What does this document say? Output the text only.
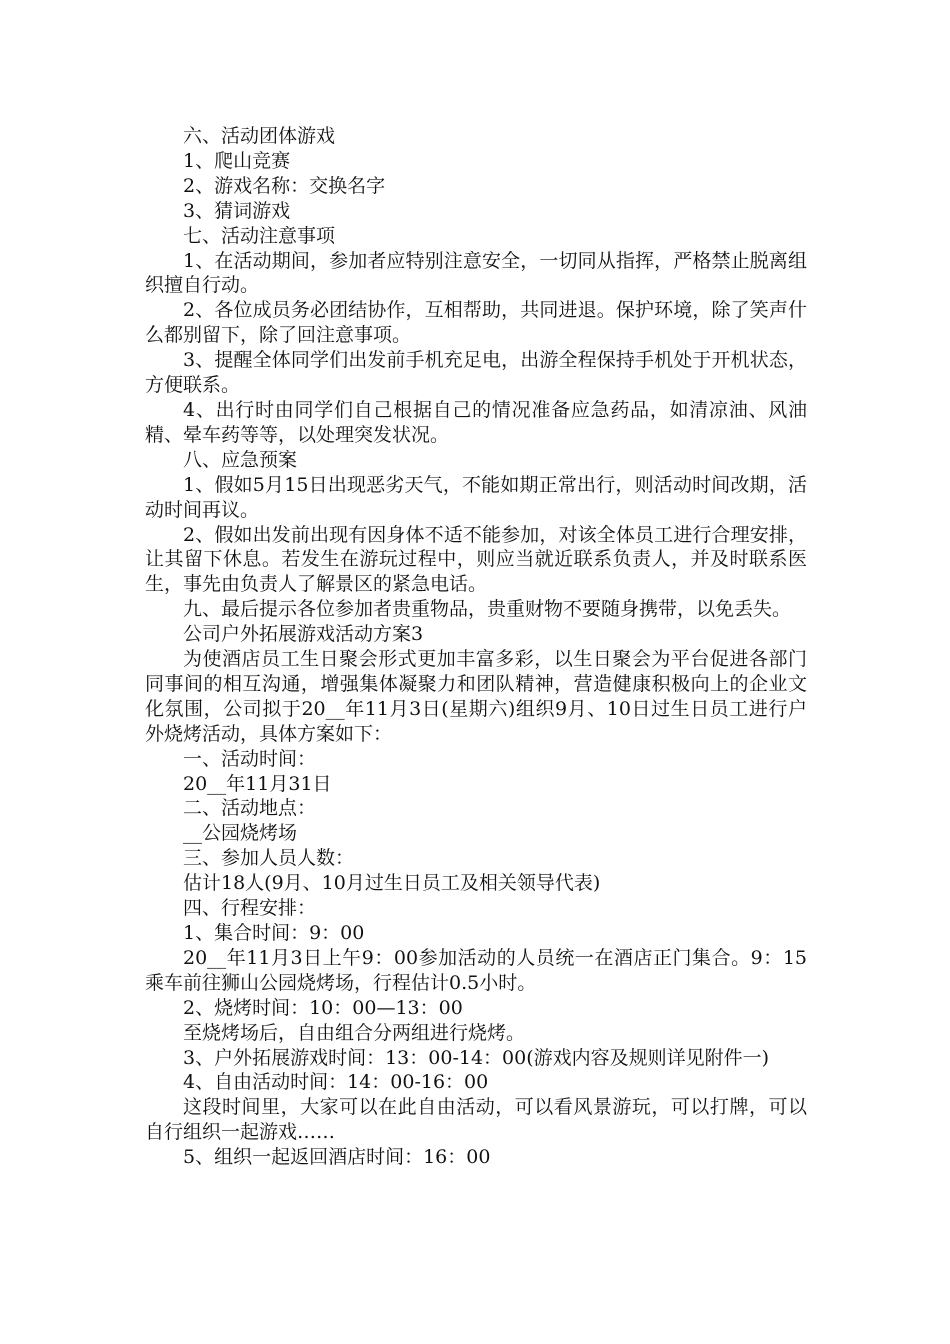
六、活动团体游戏

1、爬山竞赛

2、游戏名称：交换名字

3、猜词游戏

七、活动注意事项

1、在活动期间，参加者应特别注意安全，一切同从指挥，严格禁止脱离组织擅自行动。

2、各位成员务必团结协作，互相帮助，共同进退。保护环境，除了笑声什么都别留下，除了回注意事项。

3、提醒全体同学们出发前手机充足电，出游全程保持手机处于开机状态，方便联系。

4、出行时由同学们自己根据自己的情况准备应急药品，如清凉油、风油精、晕车药等等，以处理突发状况。

八、应急预案

1、假如5月15日出现恶劣天气，不能如期正常出行，则活动时间改期，活动时间再议。

2、假如出发前出现有因身体不适不能参加，对该全体员工进行合理安排，让其留下休息。若发生在游玩过程中，则应当就近联系负责人，并及时联系医生，事先由负责人了解景区的紧急电话。

九、最后提示各位参加者贵重物品，贵重财物不要随身携带，以免丢失。

公司户外拓展游戏活动方案3

为使酒店员工生日聚会形式更加丰富多彩，以生日聚会为平台促进各部门同事间的相互沟通，增强集体凝聚力和团队精神，营造健康积极向上的企业文化氛围，公司拟于20__年11月3日(星期六)组织9月、10日过生日员工进行户外烧烤活动，具体方案如下：

一、活动时间：

20__年11月31日

二、活动地点：

__公园烧烤场

三、参加人员人数：

估计18人(9月、10月过生日员工及相关领导代表)

四、行程安排：

1、集合时间：9：00

20__年11月3日上午9：00参加活动的人员统一在酒店正门集合。9：15乘车前往狮山公园烧烤场，行程估计0.5小时。

2、烧烤时间：10：00—13：00

至烧烤场后，自由组合分两组进行烧烤。

3、户外拓展游戏时间：13：00-14：00(游戏内容及规则详见附件一)

4、自由活动时间：14：00-16：00

这段时间里，大家可以在此自由活动，可以看风景游玩，可以打牌，可以自行组织一起游戏……

5、组织一起返回酒店时间：16：00
